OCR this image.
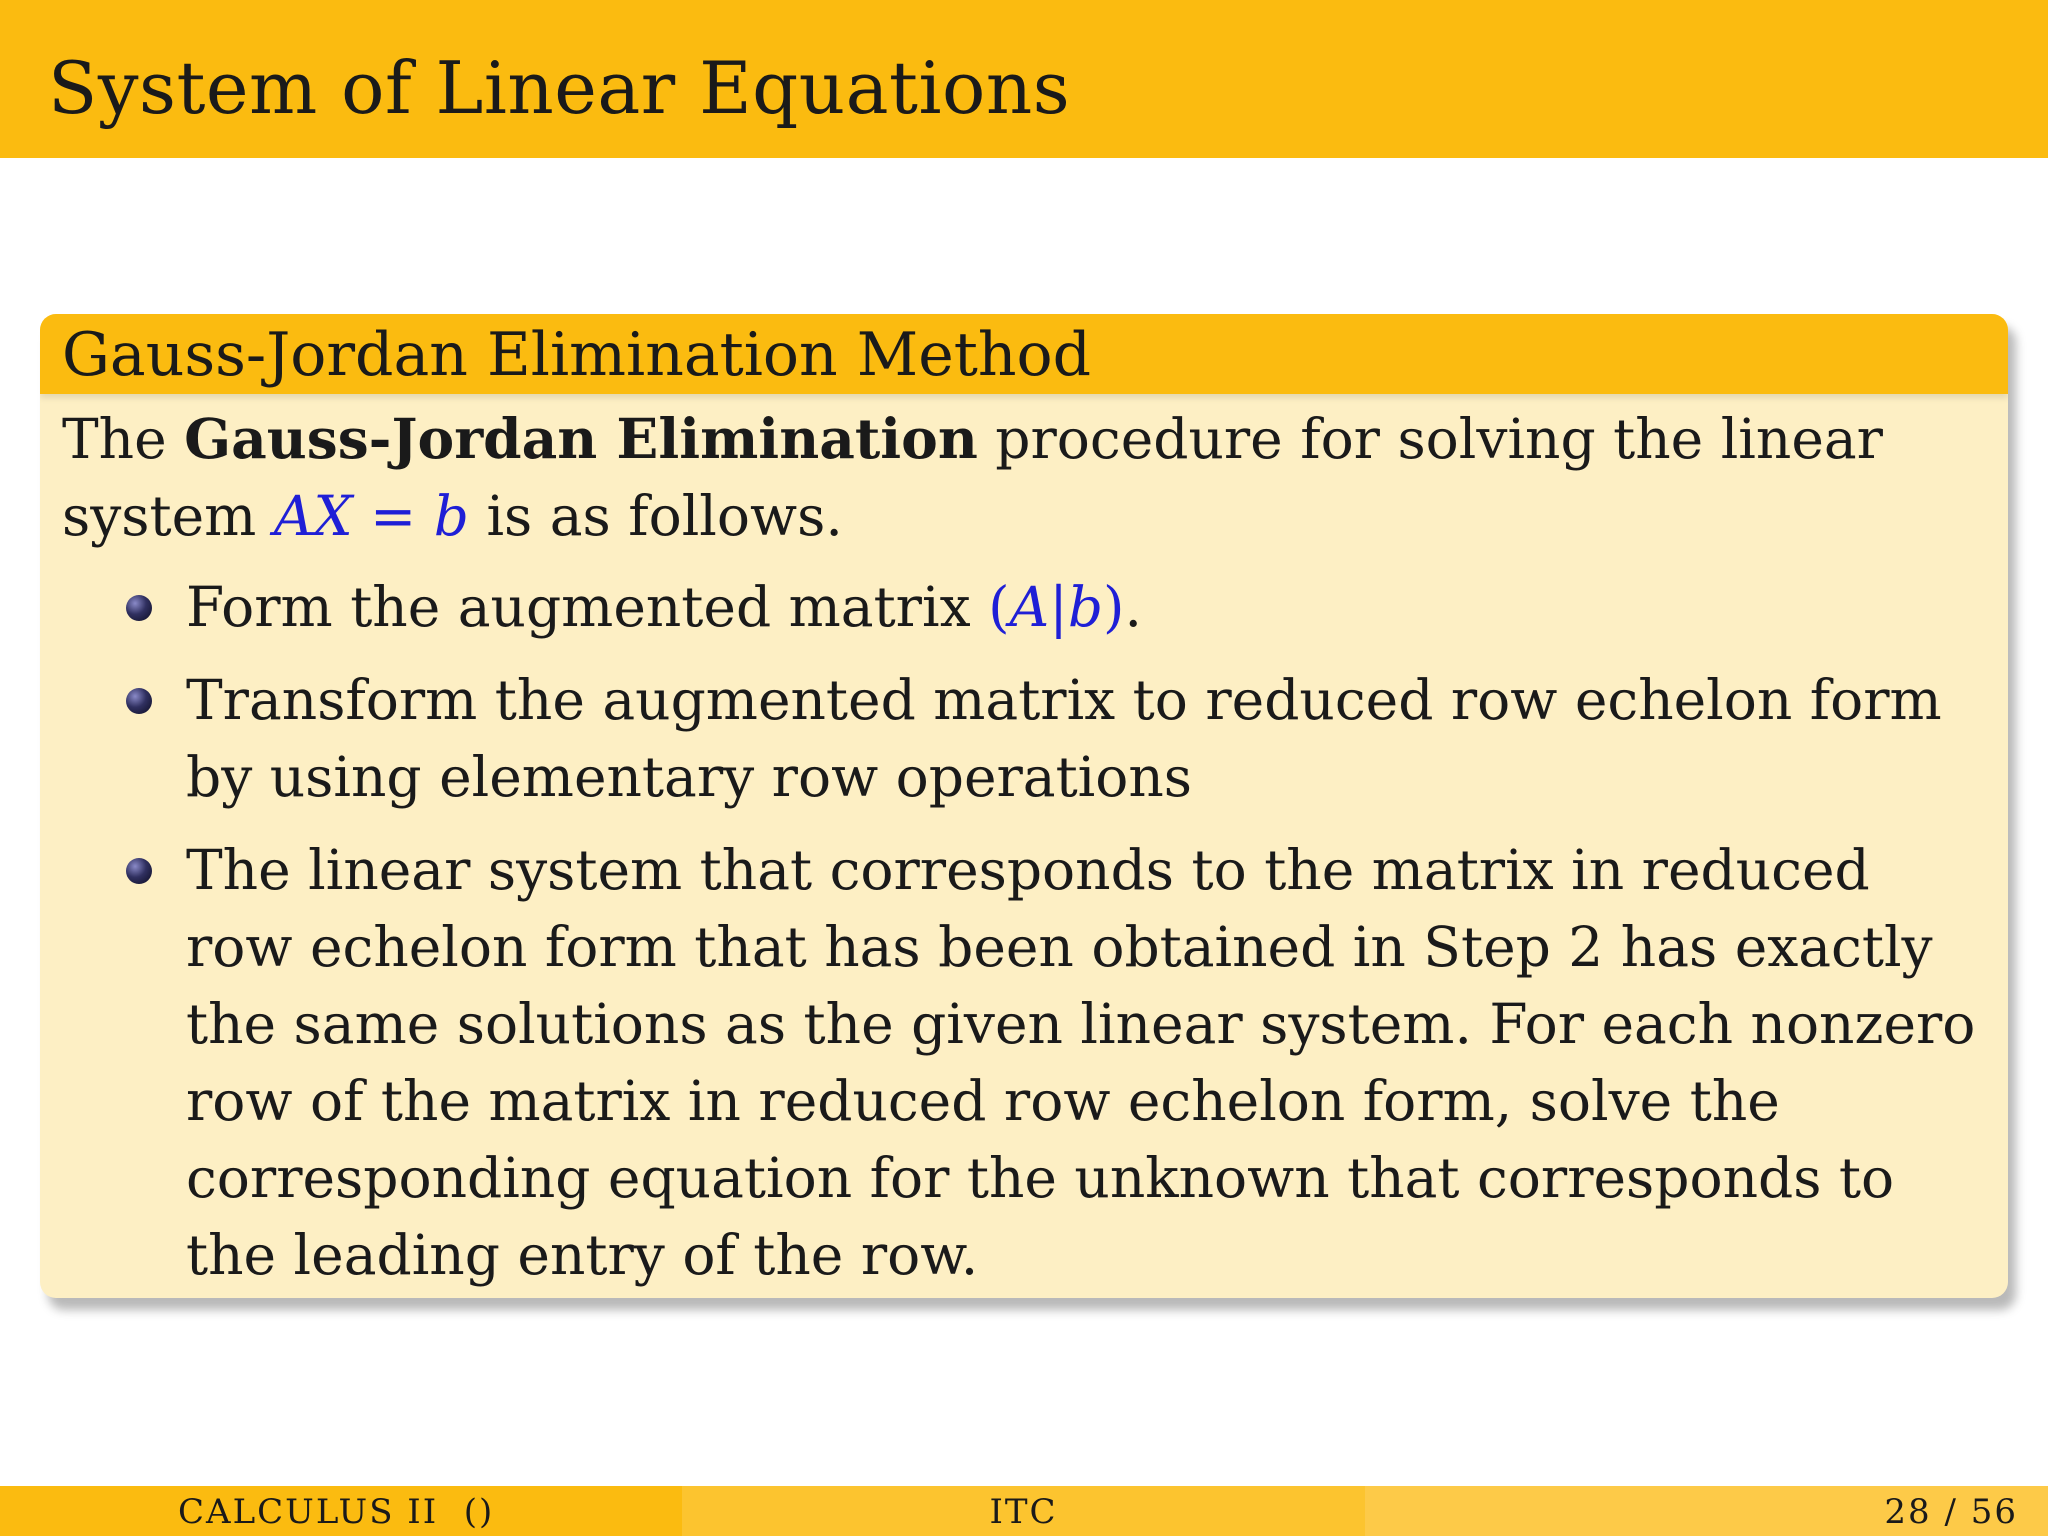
System of Linear Equations
Gauss-Jordan Elimination Method

The Gauss-Jordan Elimination procedure for solving the linear system AX = b is as follows.

Form the augmented matrix (A|b).
Transform the augmented matrix to reduced row echelon form by using elementary row operations
The linear system that corresponds to the matrix in reduced row echelon form that has been obtained in Step 2 has exactly the same solutions as the given linear system. For each nonzero row of the matrix in reduced row echelon form, solve the corresponding equation for the unknown that corresponds to the leading entry of the row.
CALCULUS II  ()	ITC	28 / 56
